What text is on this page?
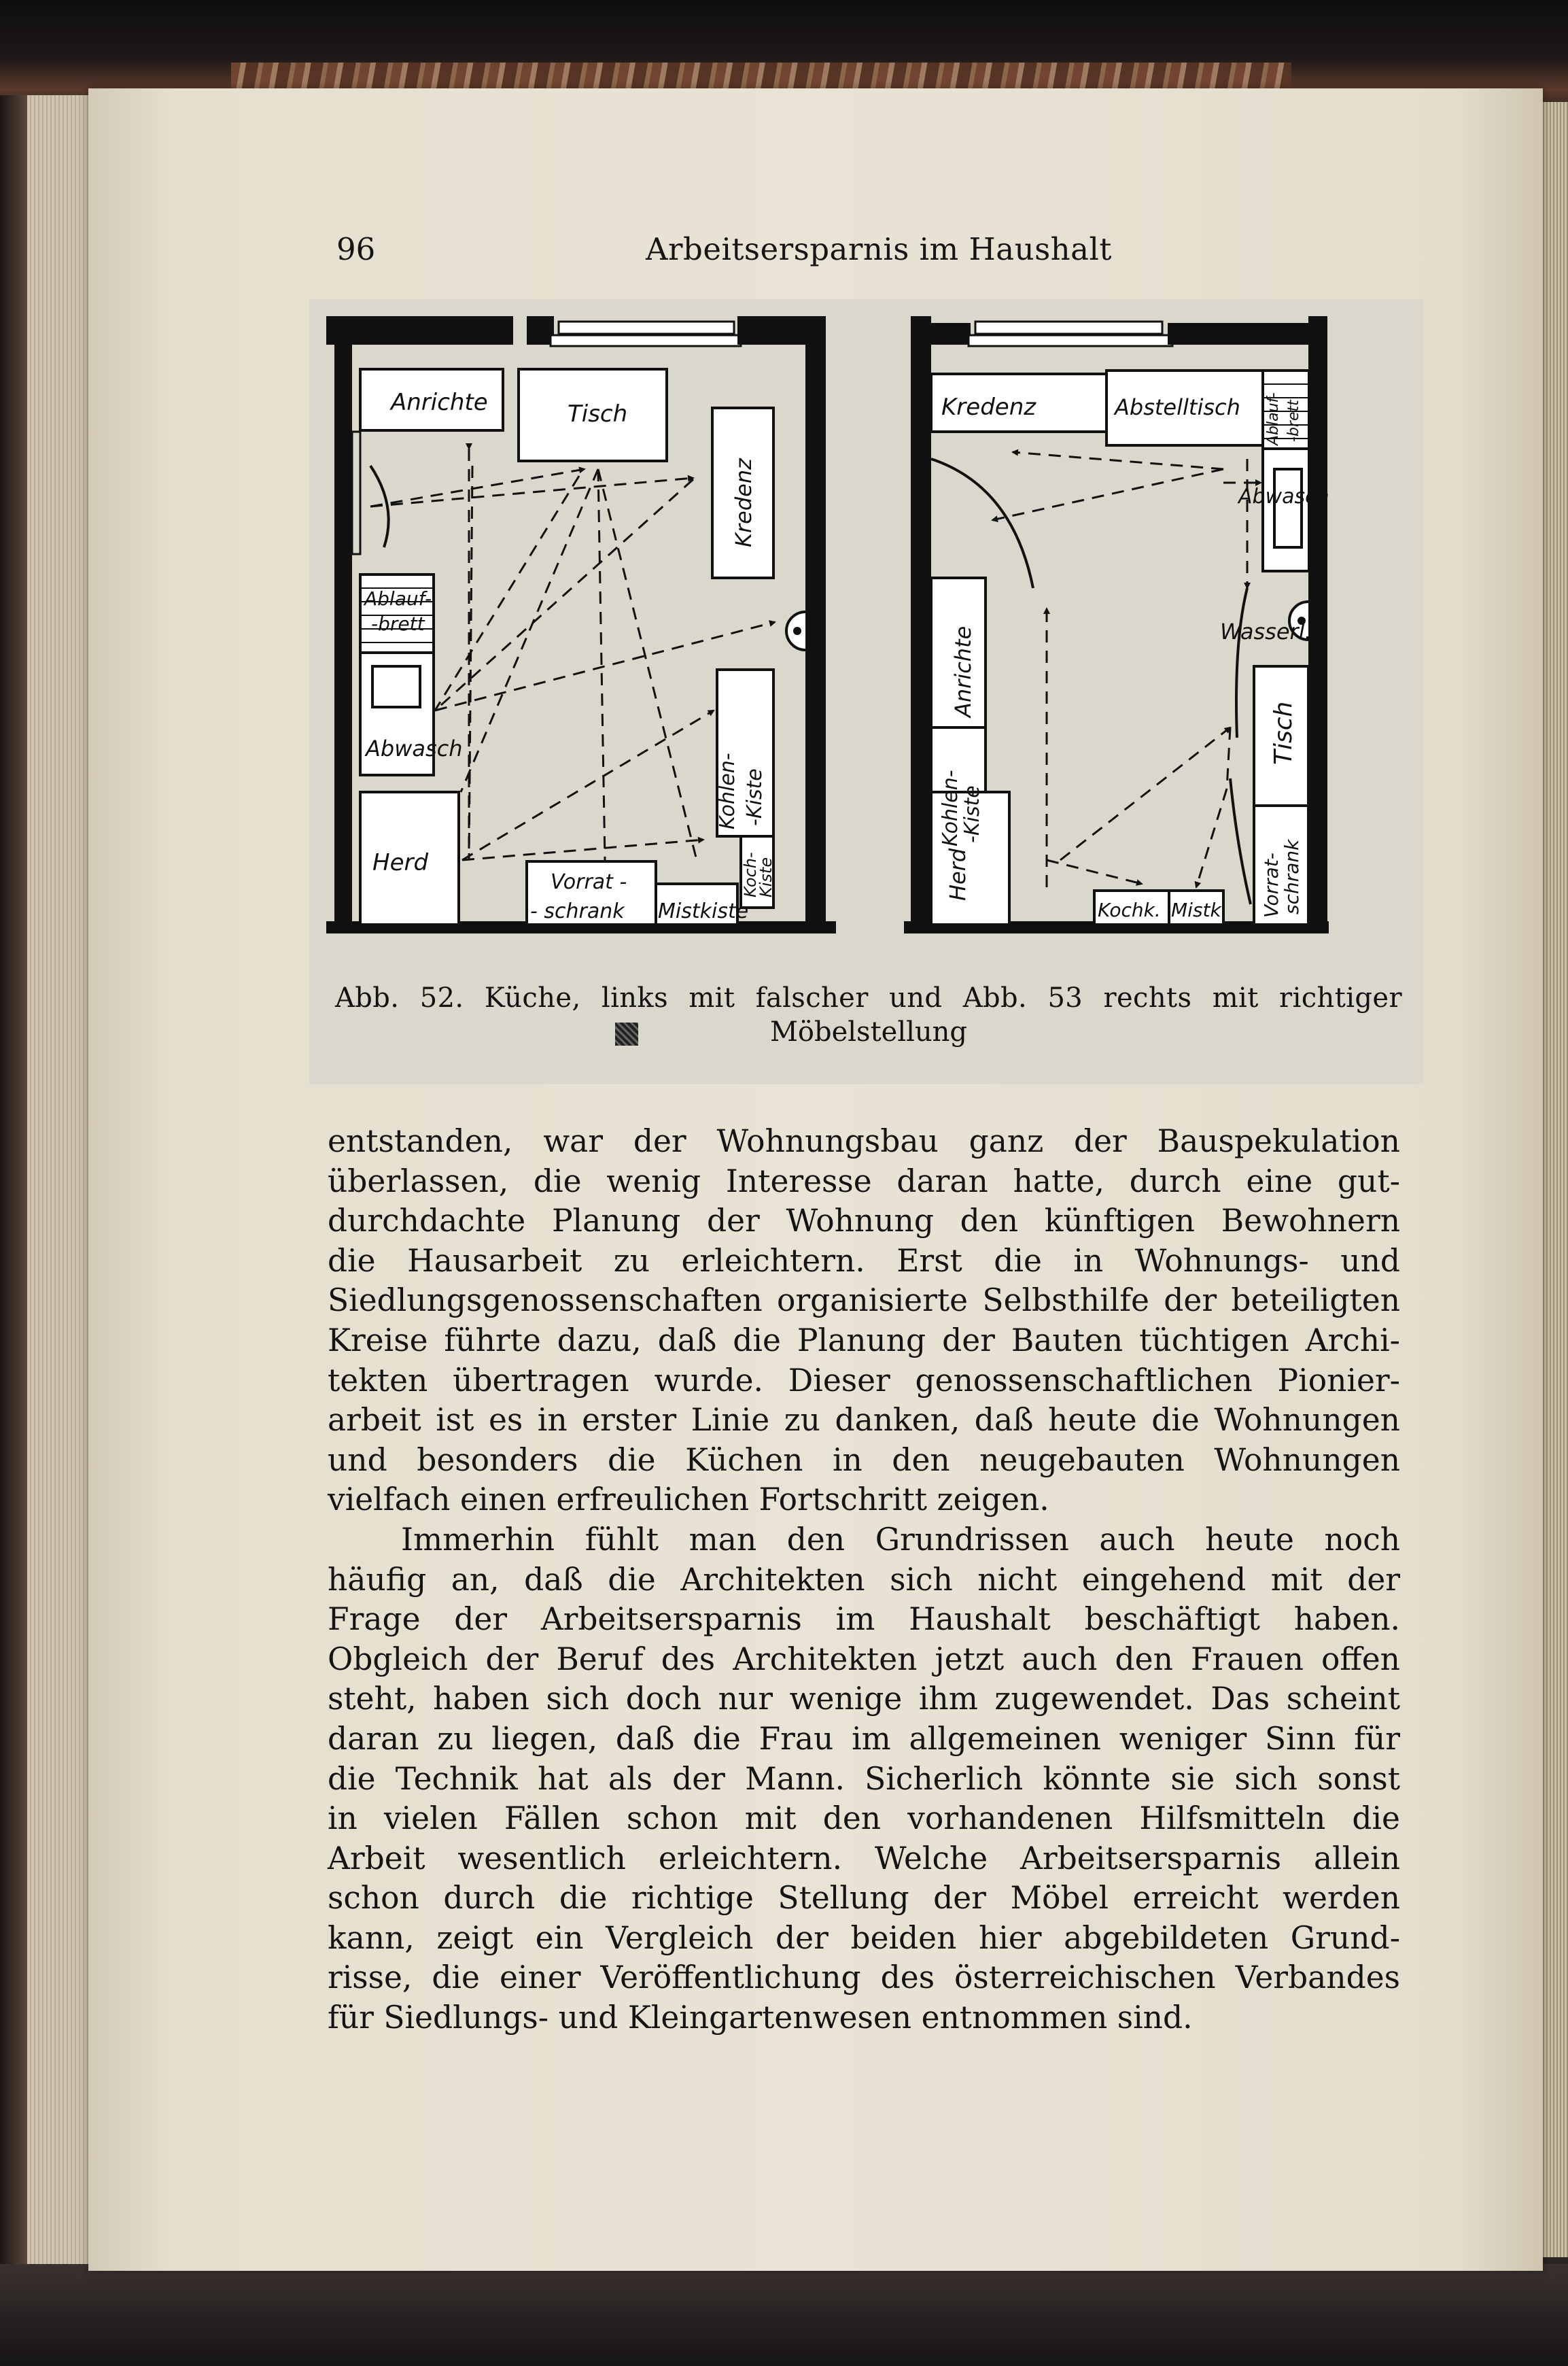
96	Arbeitsersparnis im Haushalt
Anrichte	Tisch
Kredenz
Ablauf-
-brett
Abwasch
Kohlen- -Kiste
Koch-
Kiste
Herd
Vorrat -
- schrank Mistkiste
Kredenz	Abstelltisch Ablauf- -brett
Abwasch
Wasserl.
Anrichte
Kohlen-
-Kiste
Tisch
Herd	Vorrat-
schrank
Kochk. Mistk.
Abb. 52. Küche, links mit falscher und Abb. 53 rechts mit richtiger
Möbelstellung
entstanden, war der Wohnungsbau ganz der Bauspekulation
überlassen, die wenig Interesse daran hatte, durch eine gut-
durchdachte Planung der Wohnung den künftigen Bewohnern
die Hausarbeit zu erleichtern. Erst die in Wohnungs- und
Siedlungsgenossenschaften organisierte Selbsthilfe der beteiligten
Kreise führte dazu, daß die Planung der Bauten tüchtigen Archi-
tekten übertragen wurde. Dieser genossenschaftlichen Pionier-
arbeit ist es in erster Linie zu danken, daß heute die Wohnungen
und besonders die Küchen in den neugebauten Wohnungen
vielfach einen erfreulichen Fortschritt zeigen.
Immerhin fühlt man den Grundrissen auch heute noch
häufig an, daß die Architekten sich nicht eingehend mit der
Frage der Arbeitsersparnis im Haushalt beschäftigt haben.
Obgleich der Beruf des Architekten jetzt auch den Frauen offen
steht, haben sich doch nur wenige ihm zugewendet. Das scheint
daran zu liegen, daß die Frau im allgemeinen weniger Sinn für
die Technik hat als der Mann. Sicherlich könnte sie sich sonst
in vielen Fällen schon mit den vorhandenen Hilfsmitteln die
Arbeit wesentlich erleichtern. Welche Arbeitsersparnis allein
schon durch die richtige Stellung der Möbel erreicht werden
kann, zeigt ein Vergleich der beiden hier abgebildeten Grund-
risse, die einer Veröffentlichung des österreichischen Verbandes
für Siedlungs- und Kleingartenwesen entnommen sind.
